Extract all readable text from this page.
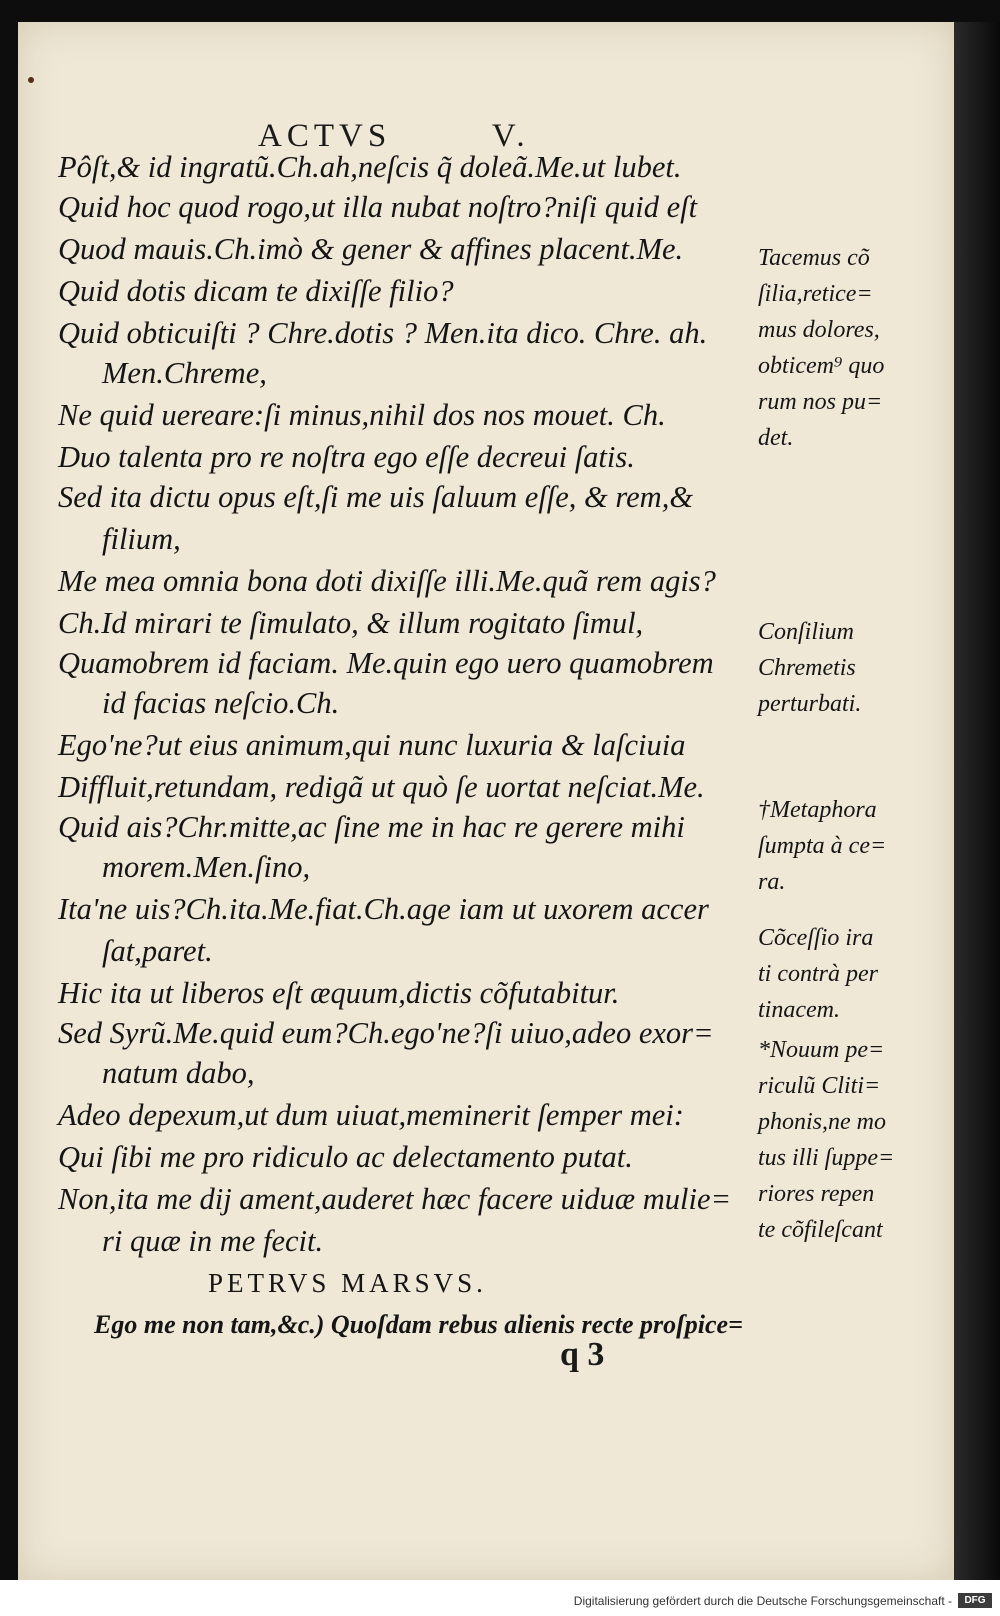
ACTVS	V.
Pôſt,& id ingratũ.Ch.ah,neſcis q̃ doleã.Me.ut lubet.
Quid hoc quod rogo,ut illa nubat noſtro?niſi quid eſt
Quod mauis.Ch.imò & gener & affines placent.Me.
Quid dotis dicam te dixiſſe filio?
Quid obticuiſti ? Chre.dotis ? Men.ita dico. Chre. ah.
Men.Chreme,
Ne quid uereare:ſi minus,nihil dos nos mouet. Ch.
Duo talenta pro re noſtra ego eſſe decreui ſatis.
Sed ita dictu opus eſt,ſi me uis ſaluum eſſe, & rem,&
filium,
Me mea omnia bona doti dixiſſe illi.Me.quã rem agis?
Ch.Id mirari te ſimulato, & illum rogitato ſimul,
Quamobrem id faciam. Me.quin ego uero quamobrem
id facias neſcio.Ch.
Ego'ne?ut eius animum,qui nunc luxuria & laſciuia
Diffluit,retundam, redigã ut quò ſe uortat neſciat.Me.
Quid ais?Chr.mitte,ac ſine me in hac re gerere mihi
morem.Men.ſino,
Ita'ne uis?Ch.ita.Me.fiat.Ch.age iam ut uxorem accer
ſat,paret.
Hic ita ut liberos eſt æquum,dictis cõfutabitur.
Sed Syrũ.Me.quid eum?Ch.ego'ne?ſi uiuo,adeo exor=
natum dabo,
Adeo depexum,ut dum uiuat,meminerit ſemper mei:
Qui ſibi me pro ridiculo ac delectamento putat.
Non,ita me dij ament,auderet hæc facere uiduæ mulie=
ri quæ in me fecit.
PETRVS MARSVS.
Ego me non tam,&c.) Quoſdam rebus alienis recte proſpice=
Tacemus cõ
ſilia,retice=
mus dolores,
obticem⁹ quo
rum nos pu=
det.
Conſilium
Chremetis
perturbati.
†Metaphora
ſumpta à ce=
ra.
Cõceſſio ira
ti contrà per
tinacem.
*Nouum pe=
riculũ Cliti=
phonis,ne mo
tus illi ſuppe=
riores repen
te cõfileſcant
q 3
Digitalisierung gefördert durch die Deutsche Forschungsgemeinschaft -	DFG
